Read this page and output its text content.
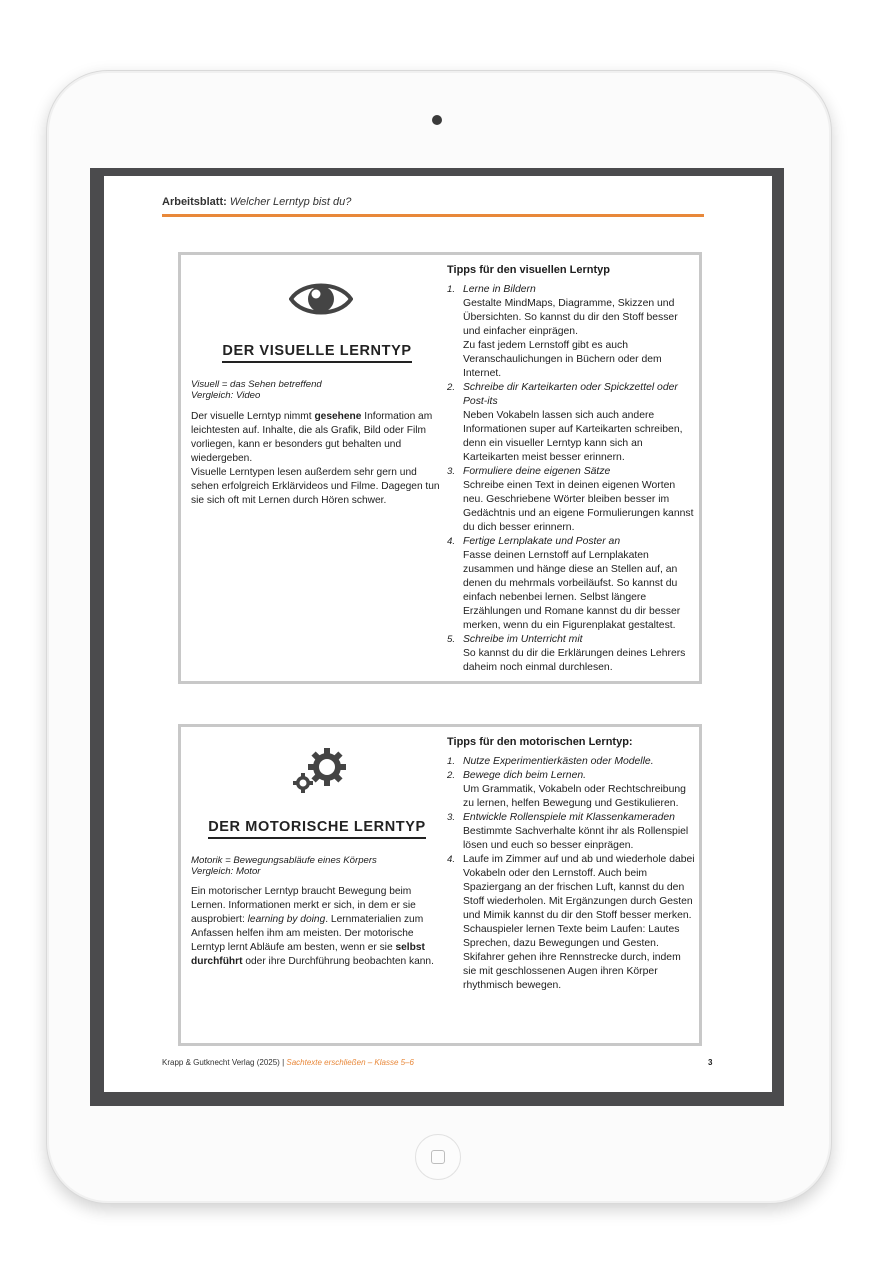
Arbeitsblatt: Welcher Lerntyp bist du?
DER VISUELLE LERNTYP
Visuell = das Sehen betreffend
Vergleich: Video
Der visuelle Lerntyp nimmt gesehene Information am leichtesten auf. Inhalte, die als Grafik, Bild oder Film vorliegen, kann er besonders gut behalten und wiedergeben.
Visuelle Lerntypen lesen außerdem sehr gern und sehen erfolgreich Erklärvideos und Filme. Dagegen tun sie sich oft mit Lernen durch Hören schwer.
Tipps für den visuellen Lerntyp
1. Lerne in Bildern
Gestalte MindMaps, Diagramme, Skizzen und Übersichten. So kannst du dir den Stoff besser und einfacher einprägen.
Zu fast jedem Lernstoff gibt es auch Veranschaulichungen in Büchern oder dem Internet.
2. Schreibe dir Karteikarten oder Spickzettel oder Post-its
Neben Vokabeln lassen sich auch andere Informationen super auf Karteikarten schreiben, denn ein visueller Lerntyp kann sich an Karteikarten meist besser erinnern.
3. Formuliere deine eigenen Sätze
Schreibe einen Text in deinen eigenen Worten neu. Geschriebene Wörter bleiben besser im Gedächtnis und an eigene Formulierungen kannst du dich besser erinnern.
4. Fertige Lernplakate und Poster an
Fasse deinen Lernstoff auf Lernplakaten zusammen und hänge diese an Stellen auf, an denen du mehrmals vorbeiläufst. So kannst du einfach nebenbei lernen. Selbst längere Erzählungen und Romane kannst du dir besser merken, wenn du ein Figurenplakat gestaltest.
5. Schreibe im Unterricht mit
So kannst du dir die Erklärungen deines Lehrers daheim noch einmal durchlesen.
DER MOTORISCHE LERNTYP
Motorik = Bewegungsabläufe eines Körpers
Vergleich: Motor
Ein motorischer Lerntyp braucht Bewegung beim Lernen. Informationen merkt er sich, in dem er sie ausprobiert: learning by doing. Lernmaterialien zum Anfassen helfen ihm am meisten. Der motorische Lerntyp lernt Abläufe am besten, wenn er sie selbst durchführt oder ihre Durchführung beobachten kann.
Tipps für den motorischen Lerntyp:
1. Nutze Experimentierkästen oder Modelle.
2. Bewege dich beim Lernen.
Um Grammatik, Vokabeln oder Rechtschreibung zu lernen, helfen Bewegung und Gestikulieren.
3. Entwickle Rollenspiele mit Klassenkameraden
Bestimmte Sachverhalte könnt ihr als Rollenspiel lösen und euch so besser einprägen.
4. Laufe im Zimmer auf und ab und wiederhole dabei Vokabeln oder den Lernstoff. Auch beim Spaziergang an der frischen Luft, kannst du den Stoff wiederholen. Mit Ergänzungen durch Gesten und Mimik kannst du dir den Stoff besser merken.
Schauspieler lernen Texte beim Laufen: Lautes Sprechen, dazu Bewegungen und Gesten. Skifahrer gehen ihre Rennstrecke durch, indem sie mit geschlossenen Augen ihren Körper rhythmisch bewegen.
Krapp & Gutknecht Verlag (2025) | Sachtexte erschließen – Klasse 5–6	3
